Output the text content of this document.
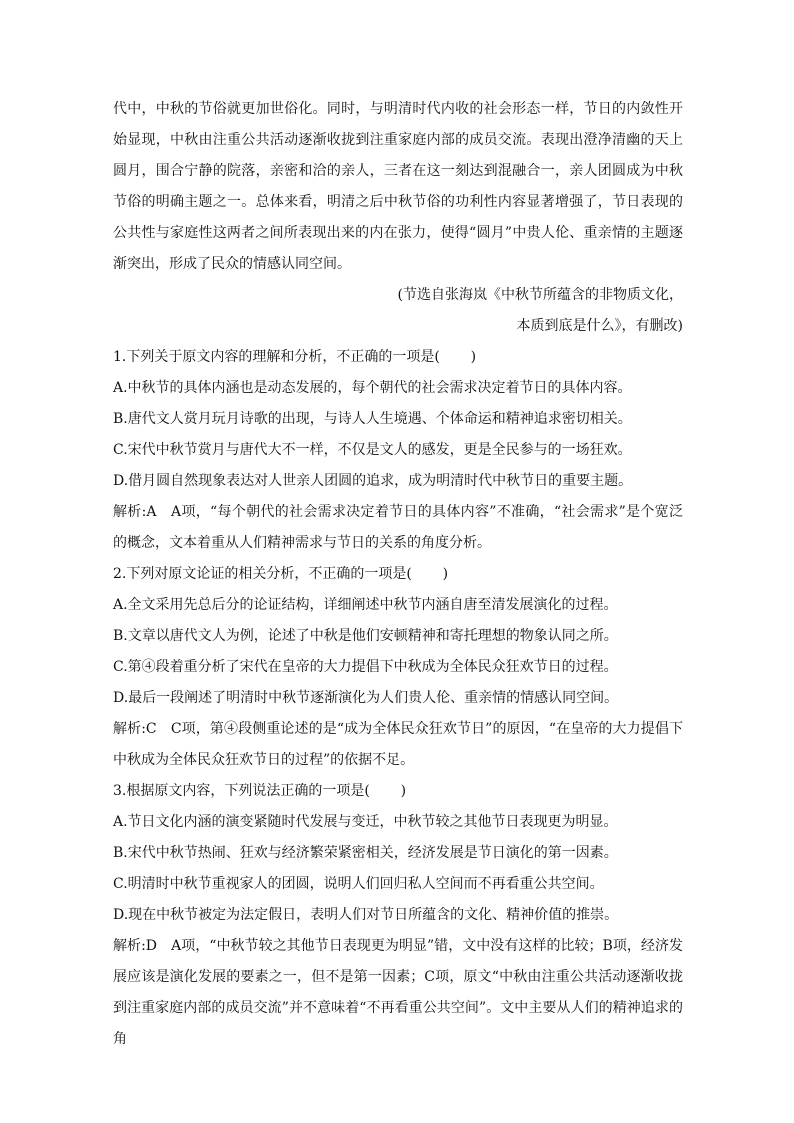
代中，中秋的节俗就更加世俗化。同时，与明清时代内收的社会形态一样，节日的内敛性开始显现，中秋由注重公共活动逐渐收拢到注重家庭内部的成员交流。表现出澄净清幽的天上圆月，围合宁静的院落，亲密和洽的亲人，三者在这一刻达到混融合一，亲人团圆成为中秋节俗的明确主题之一。总体来看，明清之后中秋节俗的功利性内容显著增强了，节日表现的公共性与家庭性这两者之间所表现出来的内在张力，使得“圆月”中贵人伦、重亲情的主题逐渐突出，形成了民众的情感认同空间。

(节选自张海岚《中秋节所蕴含的非物质文化，

本质到底是什么》，有删改)

1.下列关于原文内容的理解和分析，不正确的一项是( )

A.中秋节的具体内涵也是动态发展的，每个朝代的社会需求决定着节日的具体内容。

B.唐代文人赏月玩月诗歌的出现，与诗人人生境遇、个体命运和精神追求密切相关。

C.宋代中秋节赏月与唐代大不一样，不仅是文人的感发，更是全民参与的一场狂欢。

D.借月圆自然现象表达对人世亲人团圆的追求，成为明清时代中秋节日的重要主题。

解析:A　A项，“每个朝代的社会需求决定着节日的具体内容”不准确，“社会需求”是个宽泛的概念，文本着重从人们精神需求与节日的关系的角度分析。

2.下列对原文论证的相关分析，不正确的一项是( )

A.全文采用先总后分的论证结构，详细阐述中秋节内涵自唐至清发展演化的过程。

B.文章以唐代文人为例，论述了中秋是他们安顿精神和寄托理想的物象认同之所。

C.第④段着重分析了宋代在皇帝的大力提倡下中秋成为全体民众狂欢节日的过程。

D.最后一段阐述了明清时中秋节逐渐演化为人们贵人伦、重亲情的情感认同空间。

解析:C　C项，第④段侧重论述的是“成为全体民众狂欢节日”的原因，“在皇帝的大力提倡下中秋成为全体民众狂欢节日的过程”的依据不足。

3.根据原文内容，下列说法正确的一项是( )

A.节日文化内涵的演变紧随时代发展与变迁，中秋节较之其他节日表现更为明显。

B.宋代中秋节热闹、狂欢与经济繁荣紧密相关，经济发展是节日演化的第一因素。

C.明清时中秋节重视家人的团圆，说明人们回归私人空间而不再看重公共空间。

D.现在中秋节被定为法定假日，表明人们对节日所蕴含的文化、精神价值的推崇。

解析:D　A项，“中秋节较之其他节日表现更为明显”错，文中没有这样的比较；B项，经济发展应该是演化发展的要素之一，但不是第一因素；C项，原文“中秋由注重公共活动逐渐收拢到注重家庭内部的成员交流”并不意味着“不再看重公共空间”。文中主要从人们的精神追求的角
